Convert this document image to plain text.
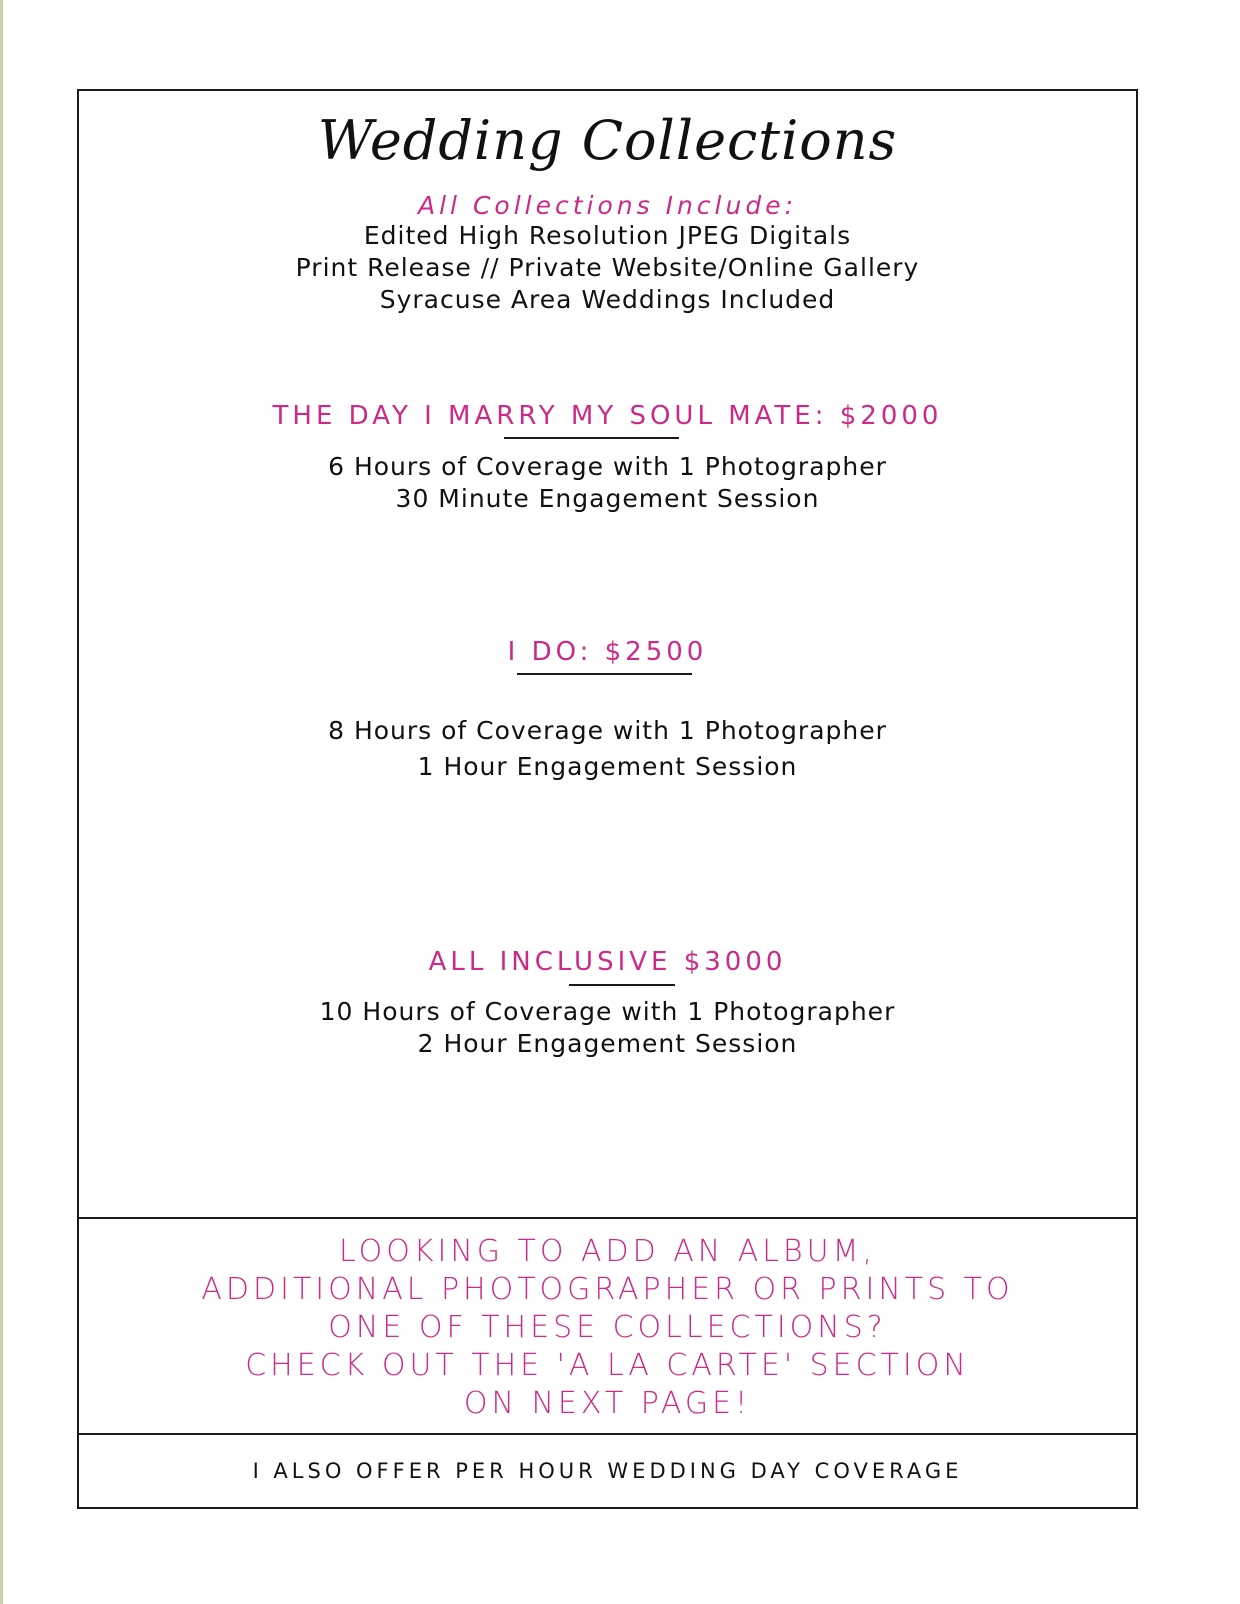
Wedding Collections
All Collections Include:
Edited High Resolution JPEG Digitals
Print Release // Private Website/Online Gallery
Syracuse Area Weddings Included
THE DAY I MARRY MY SOUL MATE: $2000
6 Hours of Coverage with 1 Photographer
30 Minute Engagement Session
I DO: $2500
8 Hours of Coverage with 1 Photographer
1 Hour Engagement Session
ALL INCLUSIVE $3000
10 Hours of Coverage with 1 Photographer
2 Hour Engagement Session
LOOKING TO ADD AN ALBUM,
ADDITIONAL PHOTOGRAPHER OR PRINTS TO
ONE OF THESE COLLECTIONS?
CHECK OUT THE 'A LA CARTE' SECTION
ON NEXT PAGE!
I ALSO OFFER PER HOUR WEDDING DAY COVERAGE
